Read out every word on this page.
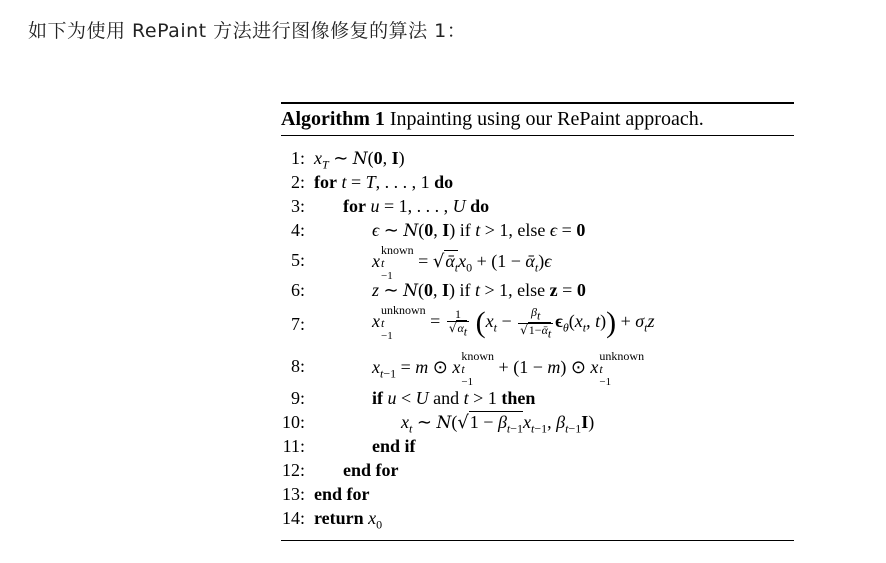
如下为使用 RePaint 方法进行图像修复的算法 1：
Algorithm 1 Inpainting using our RePaint approach.
1: $x_T$ ∼ N(0, I)
2: for t = T, . . . , 1 do
3: for u = 1, . . . , U do
4:	ϵ ∼ N(0, I) if t > 1, else ϵ = 0
5:	x
known
t
$-1 = √ᾱ_tx_0 + (1$ − ᾱ$_t$)ϵ
6:	z ∼ N(0, I) if t > 1, else z = 0
7:	x
unknown
t
$-1 = \frac{1}{√\alpha_t} (x_t - \frac{\beta_t}{√1-ᾱ_t} \epsilon_\theta(x_t$, $t)) + \sigma_tz$
8:	$x_{t-1} = m$ ⊙ x
known
t
−1 + (1 − m) ⊙ x
unknown
t
−1
9:	if u < U and t > 1 then
10:	$x_t$ ∼ $N(√1 - \beta_{t-1}x_{t-1}$, $\beta_{t-1}I$)
11:	end if
12: end for
13: end for
14: return $x_0$
